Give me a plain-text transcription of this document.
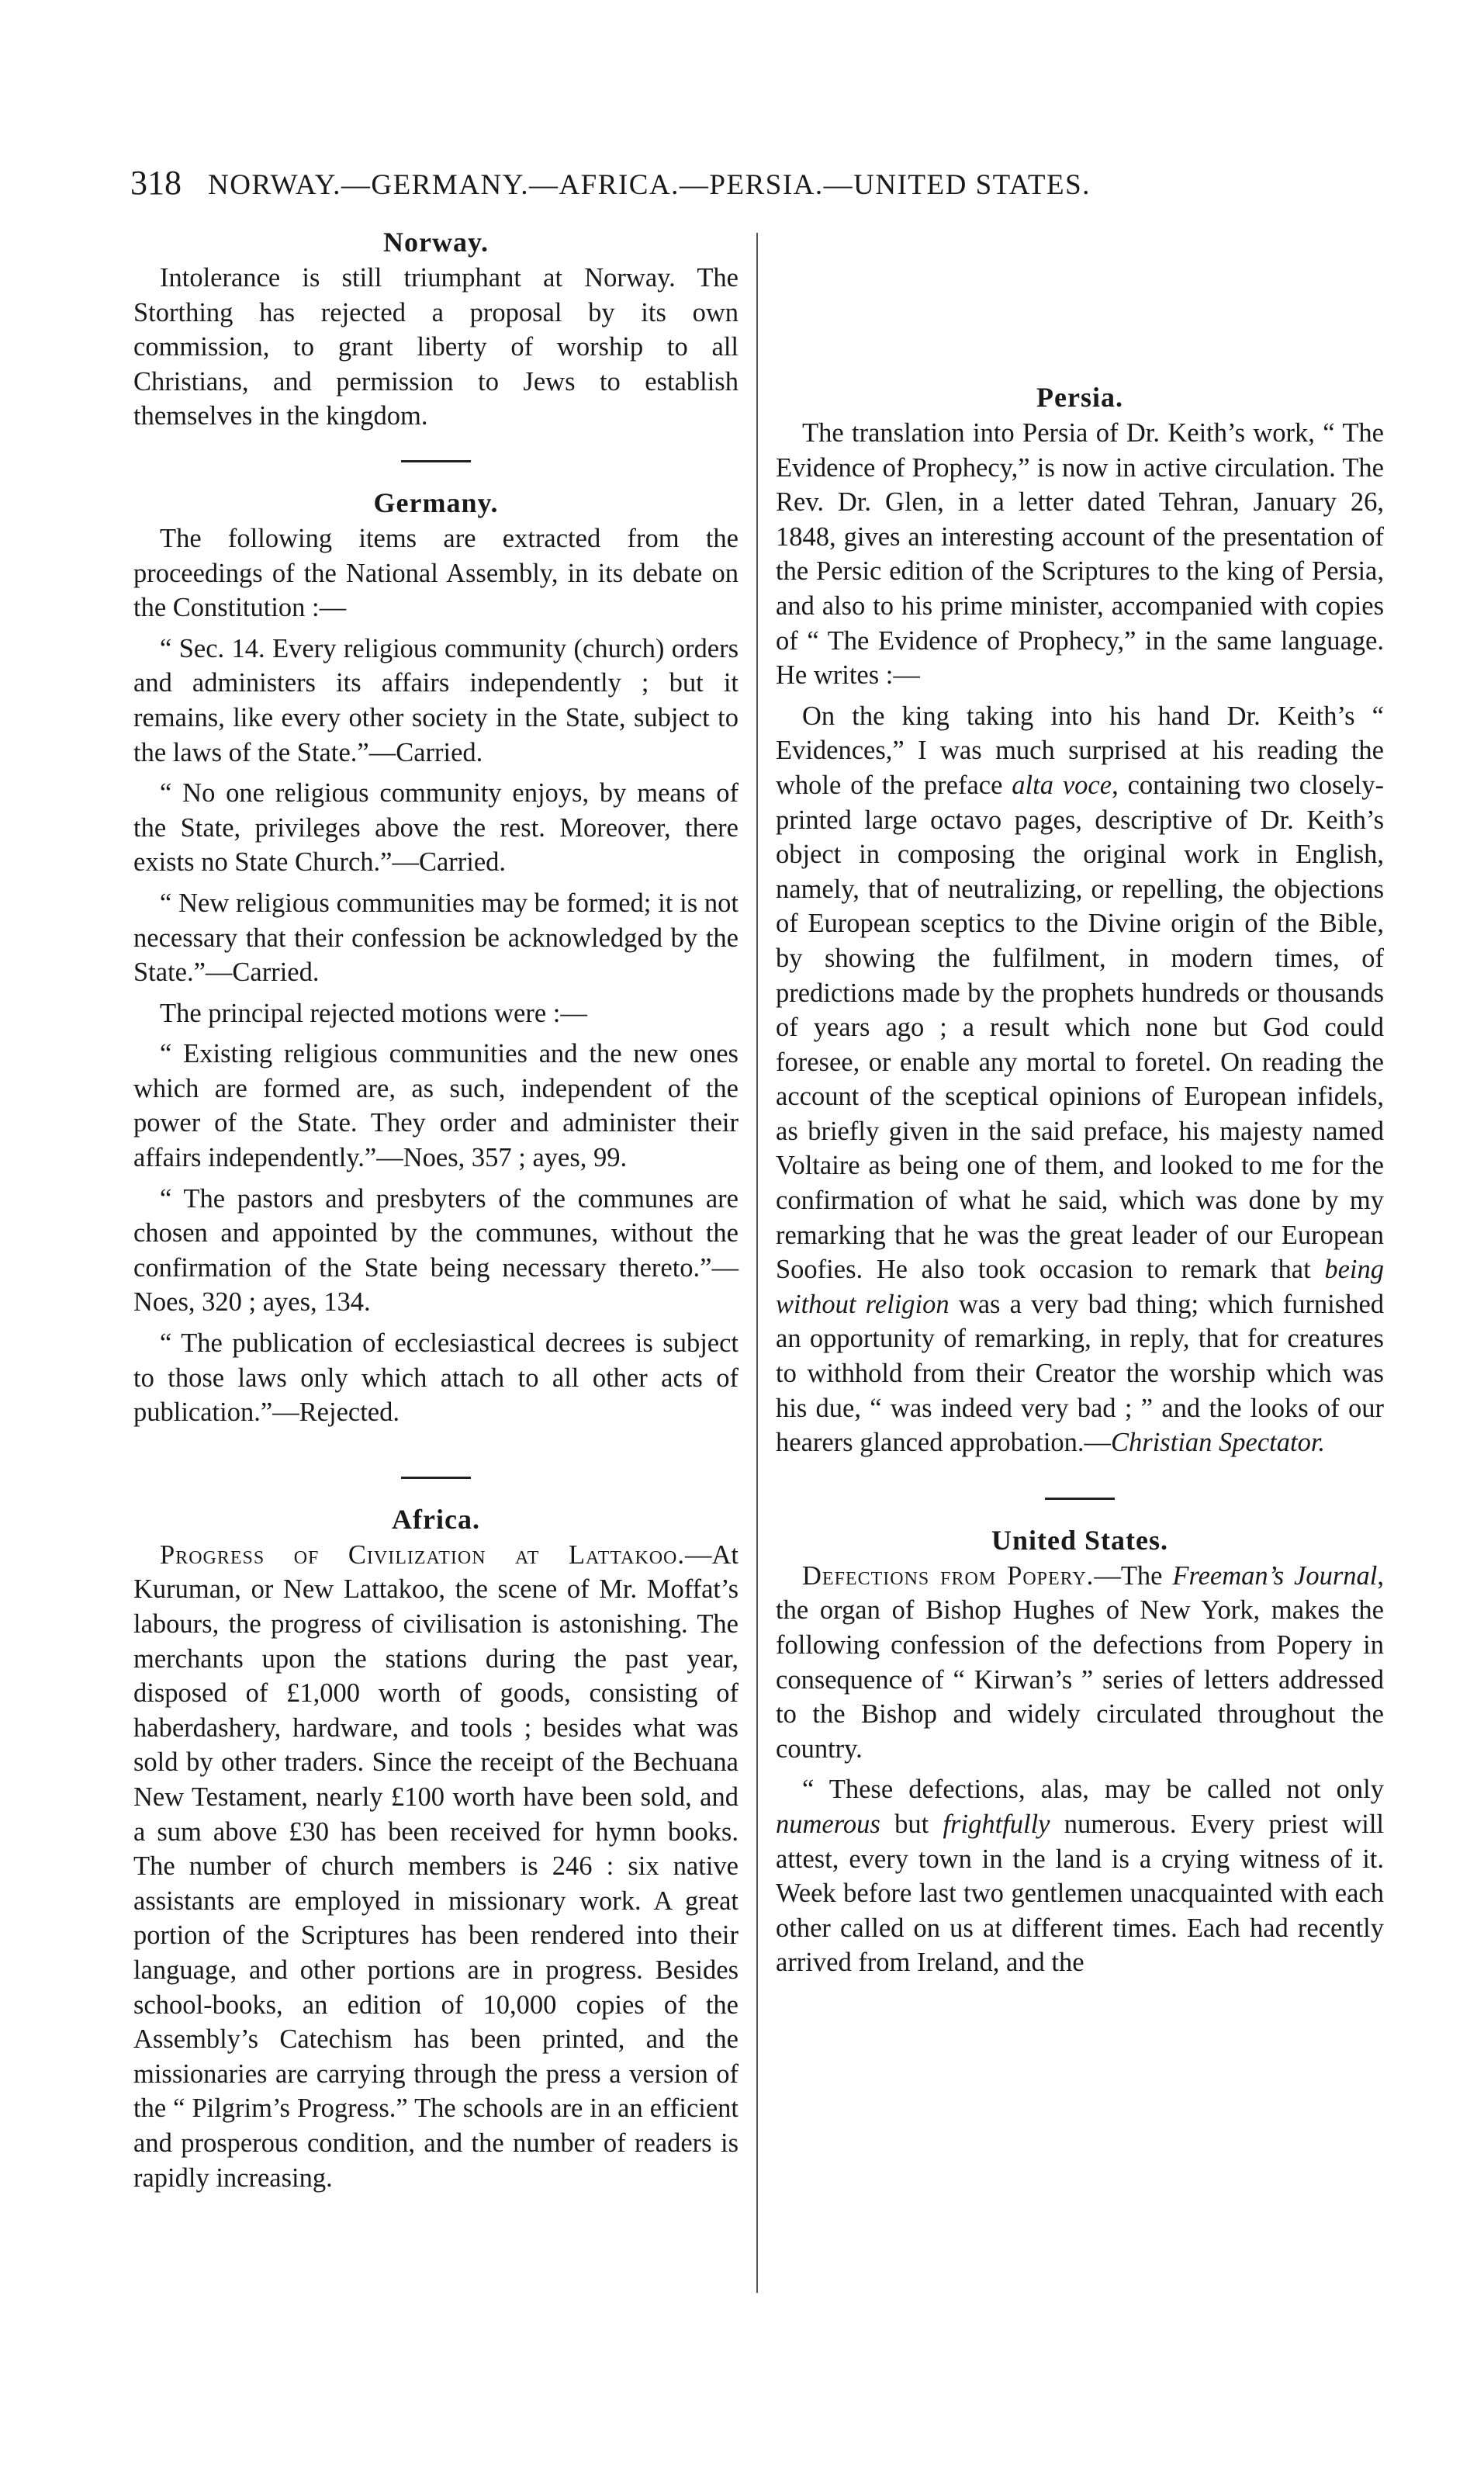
318 NORWAY.—GERMANY.—AFRICA.—PERSIA.—UNITED STATES.
Norway.

Intolerance is still triumphant at Norway. The Storthing has rejected a proposal by its own commission, to grant liberty of worship to all Christians, and permission to Jews to establish themselves in the kingdom.

Germany.

The following items are extracted from the proceedings of the National Assembly, in its debate on the Constitution :—

“ Sec. 14. Every religious community (church) orders and administers its affairs independently ; but it remains, like every other society in the State, subject to the laws of the State.”—Carried.

“ No one religious community enjoys, by means of the State, privileges above the rest. Moreover, there exists no State Church.”—Carried.

“ New religious communities may be formed; it is not necessary that their confession be acknowledged by the State.”—Carried.

The principal rejected motions were :—

“ Existing religious communities and the new ones which are formed are, as such, independent of the power of the State. They order and administer their affairs independently.”—Noes, 357 ; ayes, 99.

“ The pastors and presbyters of the communes are chosen and appointed by the communes, without the confirmation of the State being necessary thereto.”—Noes, 320 ; ayes, 134.

“ The publication of ecclesiastical decrees is subject to those laws only which attach to all other acts of publication.”—Rejected.

Africa.

Progress of Civilization at Lattakoo.—At Kuruman, or New Lattakoo, the scene of Mr. Moffat’s labours, the progress of civilisation is astonishing. The merchants upon the stations during the past year, disposed of £1,000 worth of goods, consisting of haberdashery, hardware, and tools ; besides what was sold by other traders. Since the receipt of the Bechuana New Testament, nearly £100 worth have been sold, and a sum above £30 has been received for hymn books. The number of church members is 246 : six native assistants are employed in missionary work. A great portion of the Scriptures has been rendered into their language, and other portions are in progress. Besides school-books, an edition of 10,000 copies of the Assembly’s Catechism has been printed, and the missionaries are carrying through the press a version of the “ Pilgrim’s Progress.” The schools are in an efficient and prosperous condition, and the number of readers is rapidly increasing.

Persia.

The translation into Persia of Dr. Keith’s work, “ The Evidence of Prophecy,” is now in active circulation. The Rev. Dr. Glen, in a letter dated Tehran, January 26, 1848, gives an interesting account of the presentation of the Persic edition of the Scriptures to the king of Persia, and also to his prime minister, accompanied with copies of “ The Evidence of Prophecy,” in the same language. He writes :—

On the king taking into his hand Dr. Keith’s “ Evidences,” I was much surprised at his reading the whole of the preface alta voce, containing two closely-printed large octavo pages, descriptive of Dr. Keith’s object in composing the original work in English, namely, that of neutralizing, or repelling, the objections of European sceptics to the Divine origin of the Bible, by showing the fulfilment, in modern times, of predictions made by the prophets hundreds or thousands of years ago ; a result which none but God could foresee, or enable any mortal to foretel. On reading the account of the sceptical opinions of European infidels, as briefly given in the said preface, his majesty named Voltaire as being one of them, and looked to me for the confirmation of what he said, which was done by my remarking that he was the great leader of our European Soofies. He also took occasion to remark that being without religion was a very bad thing; which furnished an opportunity of remarking, in reply, that for creatures to withhold from their Creator the worship which was his due, “ was indeed very bad ; ” and the looks of our hearers glanced approbation.—Christian Spectator.

United States.

Defections from Popery.—The Freeman’s Journal, the organ of Bishop Hughes of New York, makes the following confession of the defections from Popery in consequence of “ Kirwan’s ” series of letters addressed to the Bishop and widely circulated throughout the country.

“ These defections, alas, may be called not only numerous but frightfully numerous. Every priest will attest, every town in the land is a crying witness of it. Week before last two gentlemen unacquainted with each other called on us at different times. Each had recently arrived from Ireland, and the
